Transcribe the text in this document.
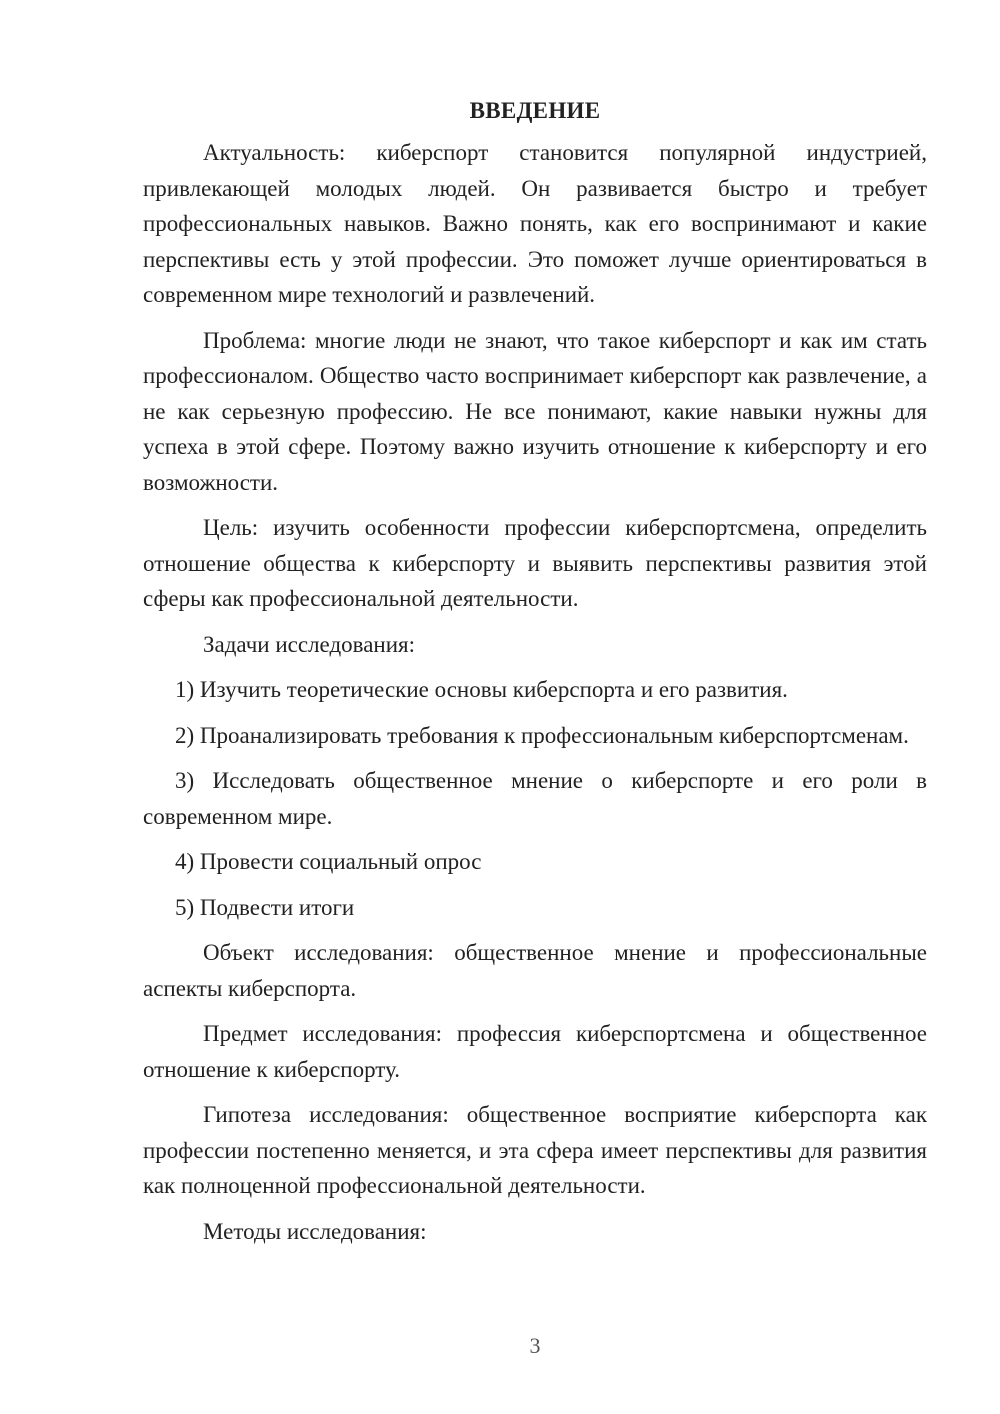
ВВЕДЕНИЕ

Актуальность: киберспорт становится популярной индустрией, привлекающей молодых людей. Он развивается быстро и требует профессиональных навыков. Важно понять, как его воспринимают и какие перспективы есть у этой профессии. Это поможет лучше ориентироваться в современном мире технологий и развлечений.

Проблема: многие люди не знают, что такое киберспорт и как им стать профессионалом. Общество часто воспринимает киберспорт как развлечение, а не как серьезную профессию. Не все понимают, какие навыки нужны для успеха в этой сфере. Поэтому важно изучить отношение к киберспорту и его возможности.

Цель: изучить особенности профессии киберспортсмена, определить отношение общества к киберспорту и выявить перспективы развития этой сферы как профессиональной деятельности.

Задачи исследования:

1) Изучить теоретические основы киберспорта и его развития.

2) Проанализировать требования к профессиональным киберспортсменам.

3) Исследовать общественное мнение о киберспорте и его роли в современном мире.

4) Провести социальный опрос

5) Подвести итоги

Объект исследования: общественное мнение и профессиональные аспекты киберспорта.

Предмет исследования: профессия киберспортсмена и общественное отношение к киберспорту.

Гипотеза исследования: общественное восприятие киберспорта как профессии постепенно меняется, и эта сфера имеет перспективы для развития как полноценной профессиональной деятельности.

Методы исследования:

3
